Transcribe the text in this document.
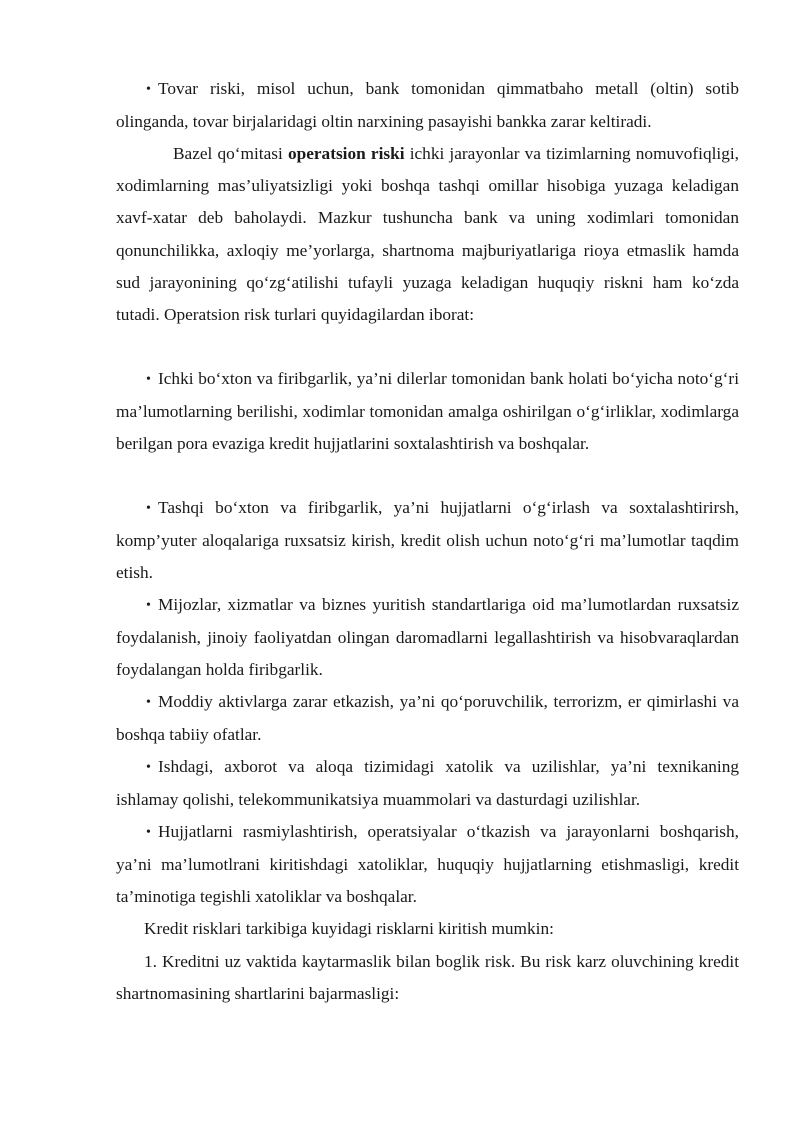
• Tovar riski, misol uchun, bank tomonidan qimmatbaho metall (oltin) sotib olinganda, tovar birjalaridagi oltin narxining pasayishi bankka zarar keltiradi.
Bazel qo‘mitasi operatsion riski ichki jarayonlar va tizimlarning nomuvofiqligi, xodimlarning mas’uliyatsizligi yoki boshqa tashqi omillar hisobiga yuzaga keladigan xavf-xatar deb baholaydi. Mazkur tushuncha bank va uning xodimlari tomonidan qonunchilikka, axloqiy me’yorlarga, shartnoma majburiyatlariga rioya etmaslik hamda sud jarayonining qo‘zg‘atilishi tufayli yuzaga keladigan huquqiy riskni ham ko‘zda tutadi. Operatsion risk turlari quyidagilardan iborat:
• Ichki bo‘xton va firibgarlik, ya’ni dilerlar tomonidan bank holati bo‘yicha noto‘g‘ri ma’lumotlarning berilishi, xodimlar tomonidan amalga oshirilgan o‘g‘irliklar, xodimlarga berilgan pora evaziga kredit hujjatlarini soxtalashtirish va boshqalar.
• Tashqi bo‘xton va firibgarlik, ya’ni hujjatlarni o‘g‘irlash va soxtalashtirirsh, komp’yuter aloqalariga ruxsatsiz kirish, kredit olish uchun noto‘g‘ri ma’lumotlar taqdim etish.
• Mijozlar, xizmatlar va biznes yuritish standartlariga oid ma’lumotlardan ruxsatsiz foydalanish, jinoiy faoliyatdan olingan daromadlarni legallashtirish va hisobvaraqlardan foydalangan holda firibgarlik.
• Moddiy aktivlarga zarar etkazish, ya’ni qo‘poruvchilik, terrorizm, er qimirlashi va boshqa tabiiy ofatlar.
• Ishdagi, axborot va aloqa tizimidagi xatolik va uzilishlar, ya’ni texnikaning ishlamay qolishi, telekommunikatsiya muammolari va dasturdagi uzilishlar.
• Hujjatlarni rasmiylashtirish, operatsiyalar o‘tkazish va jarayonlarni boshqarish, ya’ni ma’lumotlrani kiritishdagi xatoliklar, huquqiy hujjatlarning etishmasligi, kredit ta’minotiga tegishli xatoliklar va boshqalar.
Kredit risklari tarkibiga kuyidagi risklarni kiritish mumkin:
1. Kreditni uz vaktida kaytarmaslik bilan boglik risk. Bu risk karz oluvchining kredit shartnomasining shartlarini bajarmasligi:
